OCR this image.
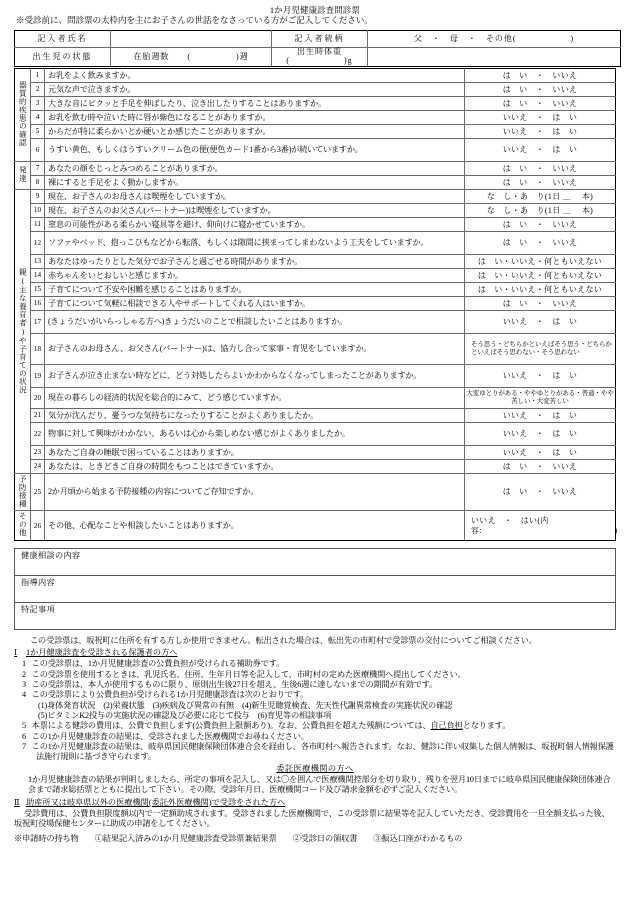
1か月児健康診査問診票
※受診前に、問診票の太枠内を主にお子さんの世話をなさっている方がご記入してください。
記入者氏名		記入者続柄	父　・　母　・　その他(　　　　　　)
出生児の状態	在胎週数　　(　　　　　)週	出生時体重　(　　　　　　)g	
器質的疾患の確認	1	お乳をよく飲みますか。	は　い　・　いいえ
	2	元気な声で泣きますか。	は　い　・　いいえ
	3	大きな音にピクッと手足を伸ばしたり、泣き出したりすることはありますか。	は　い　・　いいえ
	4	お乳を飲む時や泣いた時に唇が紫色になることがありますか。	いいえ　・　は　い
	5	からだが特に柔らかいとか硬いとか感じたことがありますか。	いいえ　・　は　い
	6	うすい黄色、もしくはうすいクリーム色の便(便色カード1番から3番)が続いていますか。	いいえ　・　は　い
発達	7	あなたの顔をじっとみつめることがありますか。	は　い　・　いいえ
	8	裸にすると手足をよく動かしますか。	は　い　・　いいえ
親(主な養育者)や子育ての状況	9	現在、お子さんのお母さんは喫煙をしていますか。	な　し・あ　り(1日 ＿ 　本)
	10	現在、お子さんのお父さん(パートナー)は喫煙をしていますか。	な　し・あ　り(1日 ＿ 　本)
	11	窒息の可能性がある柔らかい寝具等を避け、仰向けに寝かせていますか。	は　い　・　いいえ
	12	ソファやベッド、抱っこひもなどから転落、もしくは隙間に挟まってしまわないよう工夫をしていますか。	は　い　・　いいえ
	13	あなたはゆったりとした気分でお子さんと過ごせる時間がありますか。	は　い・いいえ・何ともいえない
	14	赤ちゃんをいとおしいと感じますか。	は　い・いいえ・何ともいえない
	15	子育てについて不安や困難を感じることはありますか。	は　い・いいえ・何ともいえない
	16	子育てについて気軽に相談できる人やサポートしてくれる人はいますか。	は　い　・　いいえ
	17	(きょうだいがいらっしゃる方へ)きょうだいのことで相談したいことはありますか。	いいえ　・　は　い
	18	お子さんのお母さん、お父さん(パートナー)は、協力し合って家事・育児をしていますか。	そう思う・どちらかといえばそう思う・どちらかといえばそう思わない・そう思わない
	19	お子さんが泣き止まない時などに、どう対処したらよいかわからなくなってしまったことがありますか。	いいえ　・　は　い
	20	現在の暮らしの経済的状況を総合的にみて、どう感じていますか。	大変ゆとりがある・ややゆとりがある・普通・やや苦しい・大変苦しい
	21	気分が沈んだり、憂うつな気持ちになったりすることがよくありましたか。	いいえ　・　は　い
	22	物事に対して興味がわかない、あるいは心から楽しめない感じがよくありましたか。	いいえ　・　は　い
	23	あなたご自身の睡眠で困っていることはありますか。	いいえ　・　は　い
	24	あなたは、ときどきご自身の時間をもつことはできていますか。	は　い　・　いいえ
予防接種	25	2か月頃から始まる予防接種の内容についてご存知ですか。	は　い　・　いいえ
その他	26	その他、心配なことや相談したいことはありますか。	いいえ　・　はい(内容:　　　　　　　　　　　　　　　　)
健康相談の内容
指導内容
特記事項
この受診票は、坂祝町に住所を有する方しか使用できません。転出された場合は、転出先の市町村で受診票の交付についてご相談ください。
Ⅰ 1か月健康診査を受診される保護者の方へ
1 この受診票は、1か月児健康診査の公費負担が受けられる補助券です。
2 この受診票を使用するときは、乳児氏名、住所、生年月日等を記入して、市町村の定めた医療機関へ提出してください。
3 この受診票は、本人が使用するものに限り、原則出生後27日を超え、生後6週に達しないまでの期間が有効です。
4 この受診票により公費負担が受けられる1か月児健康診査は次のとおりです。
(1)身体発育状況　(2)栄養状態　(3)疾病及び異常の有無　(4)新生児聴覚検査、先天性代謝異常検査の実施状況の確認
(5)ビタミンK2投与の実施状況の確認及び必要に応じて投与　(6)育児等の相談事項
5 本票による健診の費用は、公費で負担します(公費負担上限額あり)。なお、公費負担を超えた残額については、自己負担となります。
6 この1か月児健康診査の結果は、受診されました医療機関でお尋ねください。
7 この1か月児健康診査の結果は、岐阜県国民健康保険団体連合会を経由し、各市町村へ報告されます。なお、健診に伴い収集した個人情報は、坂祝町個人情報保護法施行規則に基づき守られます。
委託医療機関の方へ
1か月児健康診査の結果が判明しましたら、所定の事項を記入し、又は〇を囲んで医療機関控部分を切り取り、残りを翌月10日までに岐阜県国民健康保険団体連合会まで請求総括票とともに提出して下さい。その際、受診年月日、医療機関コード及び請求金額を必ずご記入ください。
Ⅱ 助産所又は岐阜県以外の医療機関(委託外医療機関)で受診をされた方へ
受診費用は、公費負担限度額以内で一定額助成されます。受診されました医療機関で、この受診票に結果等を記入していただき、受診費用を一旦全額支払った後、坂祝町役場保健センターに助成の申請をしてください。
※申請時の持ち物 ①結果記入済みの1か月児健康診査受診票兼結果票 ②受診日の領収書 ③振込口座がわかるもの
